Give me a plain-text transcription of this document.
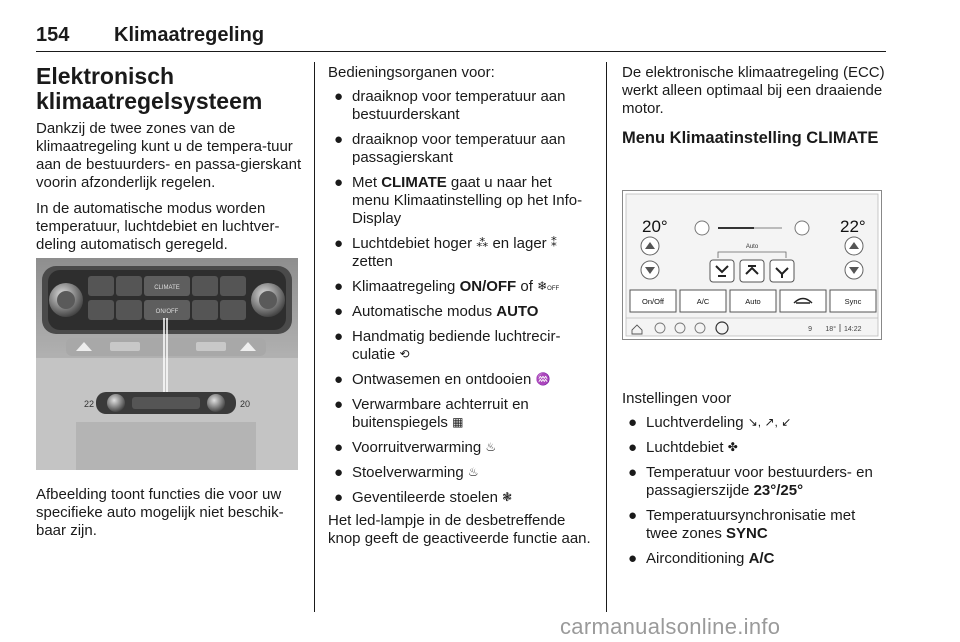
154 Klimaatregeling
Elektronisch
klimaatregelsysteem

Dankzij de twee zones van de klimaatregeling kunt u de tempera-tuur aan de bestuurders- en passa-gierskant voorin afzonderlijk regelen.

In de automatische modus worden temperatuur, luchtdebiet en luchtver-deling automatisch geregeld.

CLIMATE
ON/OFF
22	20
Afbeelding toont functies die voor uw specifieke auto mogelijk niet beschik-baar zijn.

Bedieningsorganen voor:

● draaiknop voor temperatuur aan bestuurderskant
● draaiknop voor temperatuur aan passagierskant
● Met CLIMATE gaat u naar het menu Klimaatinstelling op het Info-Display
● Luchtdebiet hoger ⁂ en lager ⁑ zetten
● Klimaatregeling ON/OFF of ❄OFF
● Automatische modus AUTO
● Handmatig bediende luchtrecir-culatie ⟲
● Ontwasemen en ontdooien ♒
● Verwarmbare achterruit en buitenspiegels ▦
● Voorruitverwarming ♨
● Stoelverwarming ♨
● Geventileerde stoelen ❃

Het led-lampje in de desbetreffende knop geeft de geactiveerde functie aan.

De elektronische klimaatregeling (ECC) werkt alleen optimaal bij een draaiende motor.

Menu Klimaatinstelling CLIMATE
20°	22°
Auto
On/Off	A/C	Auto	Sync
9 18° 14:22

Instellingen voor

● Luchtverdeling ↘, ↗, ↙
● Luchtdebiet ✤
● Temperatuur voor bestuurders- en passagierszijde 23°/25°
● Temperatuursynchronisatie met twee zones SYNC
● Airconditioning A/C
carmanualsonline.info
